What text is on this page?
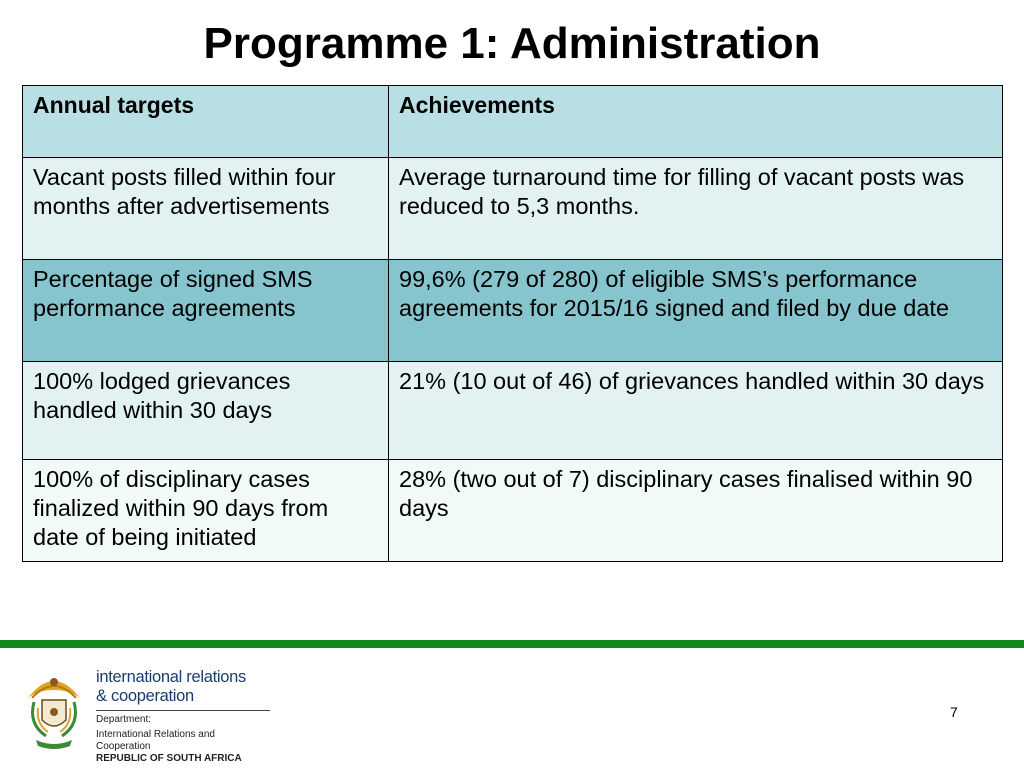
Programme 1: Administration
Annual targets	Achievements
Vacant posts filled within four months after advertisements	Average turnaround time for filling of vacant posts was reduced to 5,3 months.
Percentage of signed SMS performance agreements	99,6% (279 of 280) of eligible SMS’s performance agreements for 2015/16 signed and filed by due date
100% lodged grievances handled within 30 days	21% (10 out of 46) of grievances handled within 30 days
100% of disciplinary cases finalized within 90 days from date of being initiated	28% (two out of 7) disciplinary cases finalised within 90 days
international relations
& cooperation
Department:
International Relations and Cooperation
REPUBLIC OF SOUTH AFRICA
7
